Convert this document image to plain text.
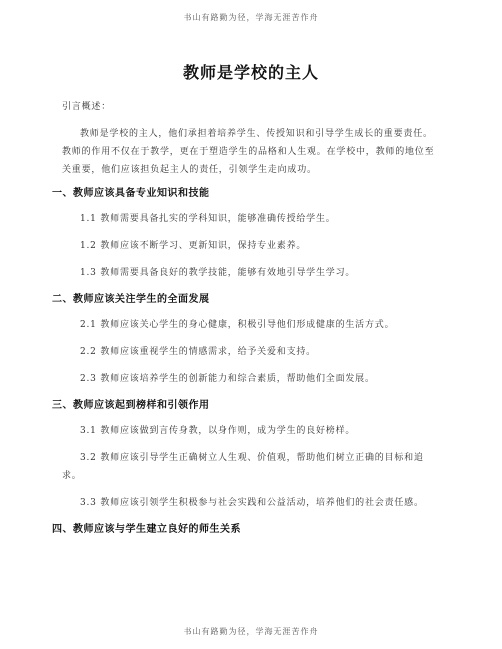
书山有路勤为径，学海无涯苦作舟
教师是学校的主人

引言概述：

教师是学校的主人，他们承担着培养学生、传授知识和引导学生成长的重要责任。教师的作用不仅在于教学，更在于塑造学生的品格和人生观。在学校中，教师的地位至关重要，他们应该担负起主人的责任，引领学生走向成功。

一、教师应该具备专业知识和技能

1.1 教师需要具备扎实的学科知识，能够准确传授给学生。

1.2 教师应该不断学习、更新知识，保持专业素养。

1.3 教师需要具备良好的教学技能，能够有效地引导学生学习。

二、教师应该关注学生的全面发展

2.1 教师应该关心学生的身心健康，积极引导他们形成健康的生活方式。

2.2 教师应该重视学生的情感需求，给予关爱和支持。

2.3 教师应该培养学生的创新能力和综合素质，帮助他们全面发展。

三、教师应该起到榜样和引领作用

3.1 教师应该做到言传身教，以身作则，成为学生的良好榜样。

3.2 教师应该引导学生正确树立人生观、价值观，帮助他们树立正确的目标和追求。

3.3 教师应该引领学生积极参与社会实践和公益活动，培养他们的社会责任感。

四、教师应该与学生建立良好的师生关系
书山有路勤为径，学海无涯苦作舟
